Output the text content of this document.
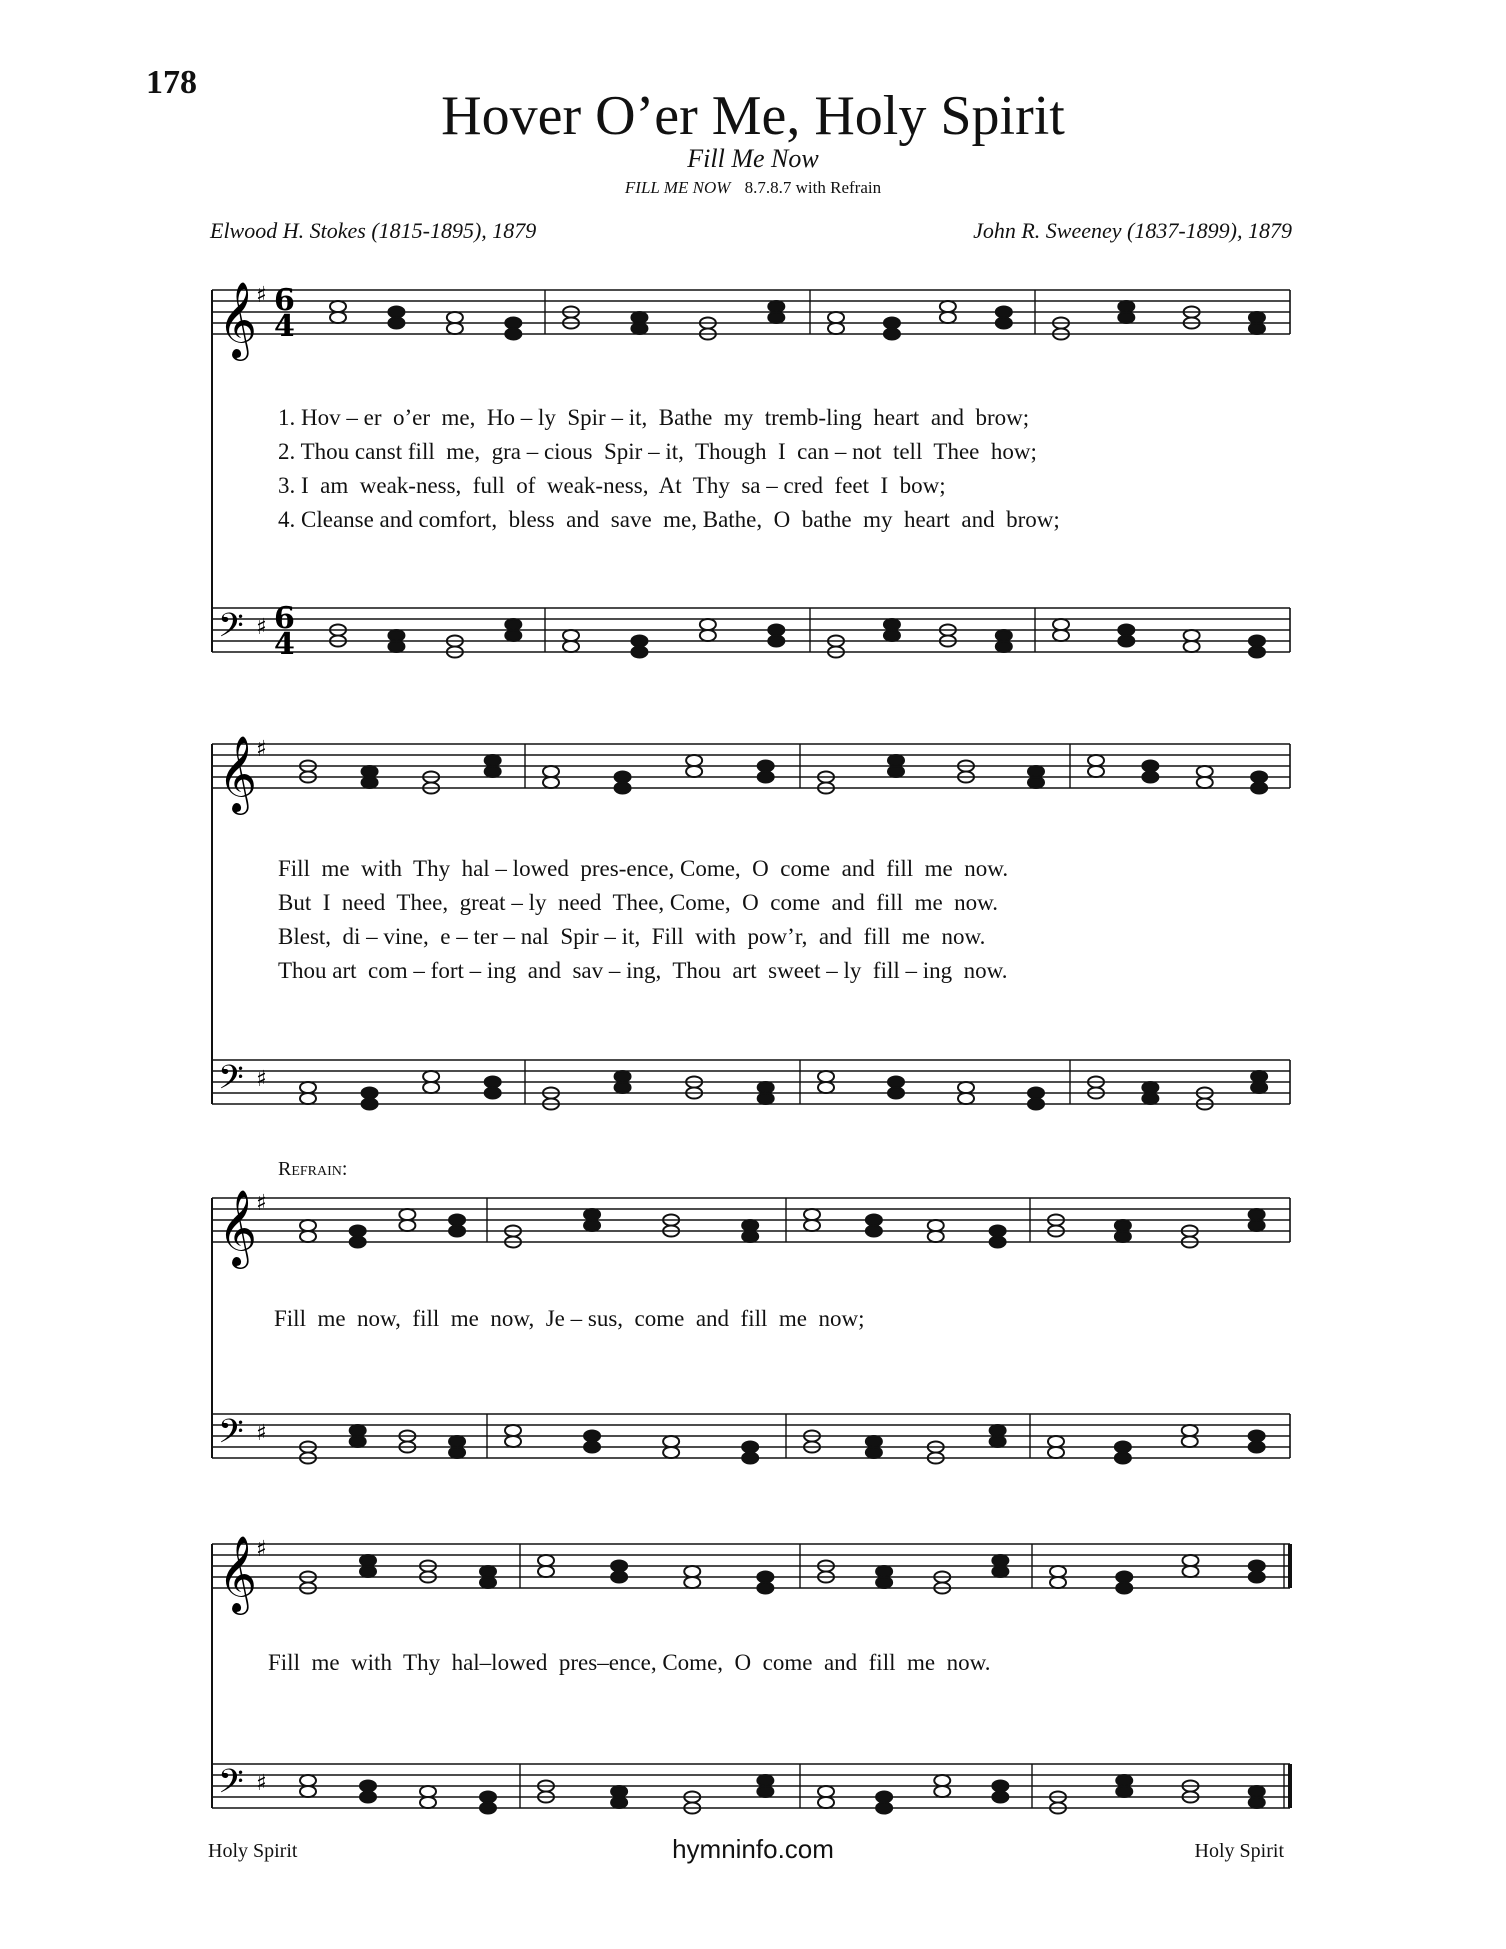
178
Hover O’er Me, Holy Spirit
Fill Me Now
FILL ME NOW 8.7.8.7 with Refrain
Elwood H. Stokes (1815-1895), 1879	John R. Sweeney (1837-1899), 1879
𝄞
♯ 6
4
𝄢 ♯ 6
4
𝄞
♯
𝄢 ♯
𝄞
♯
𝄢 ♯
𝄞
♯
𝄢 ♯
1. Hov – er  o’er  me,  Ho – ly  Spir – it,  Bathe  my  tremb-ling  heart  and  brow;
2. Thou canst fill  me,  gra – cious  Spir – it,  Though  I  can – not  tell  Thee  how;
3. I  am  weak-ness,  full  of  weak-ness,  At  Thy  sa – cred  feet  I  bow;
4. Cleanse and comfort,  bless  and  save  me, Bathe,  O  bathe  my  heart  and  brow;
Fill  me  with  Thy  hal – lowed  pres-ence, Come,  O  come  and  fill  me  now.
But  I  need  Thee,  great – ly  need  Thee, Come,  O  come  and  fill  me  now.
Blest,  di – vine,  e – ter – nal  Spir – it,  Fill  with  pow’r,  and  fill  me  now.
Thou art  com – fort – ing  and  sav – ing,  Thou  art  sweet – ly  fill – ing  now.
Refrain:
Fill  me  now,  fill  me  now,  Je – sus,  come  and  fill  me  now;
Fill  me  with  Thy  hal–lowed  pres–ence, Come,  O  come  and  fill  me  now.
Holy Spirit	hymninfo.com	Holy Spirit
